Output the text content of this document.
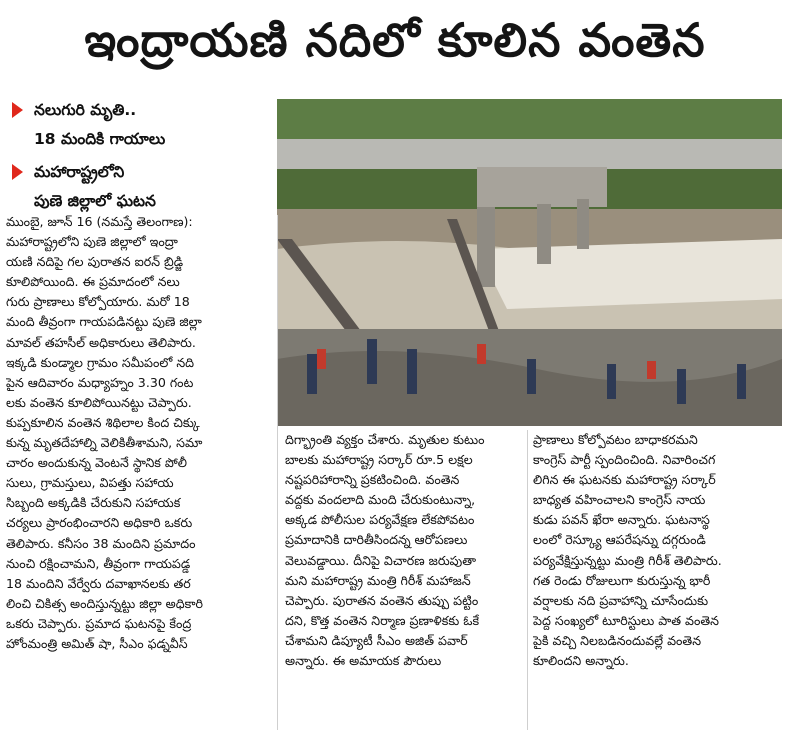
ఇంద్రాయణి నదిలో కూలిన వంతెన
నలుగురి మృతి..
18 మందికి గాయాలు
మహారాష్ట్రలోని
పుణె జిల్లాలో ఘటన
ముంబై, జూన్ 16 (నమస్తే తెలంగాణ):
మహారాష్ట్రలోని పుణె జిల్లాలో ఇంద్రా
యణి నదిపై గల పురాతన ఐరన్ బ్రిడ్జి
కూలిపోయింది. ఈ ప్రమాదంలో నలు
గురు ప్రాణాలు కోల్పోయారు. మరో 18
మంది తీవ్రంగా గాయపడినట్టు పుణె జిల్లా
మావల్ తహసీల్ అధికారులు తెలిపారు.
ఇక్కడి కుండ్మాల గ్రామం సమీపంలో నది
పైన ఆదివారం మధ్యాహ్నం 3.30 గంట
లకు వంతెన కూలిపోయినట్టు చెప్పారు.
కుప్పకూలిన వంతెన శిథిలాల కింద చిక్కు
కున్న మృతదేహాల్ని వెలికితీశామని, సమా
చారం అందుకున్న వెంటనే స్థానిక పోలీ
సులు, గ్రామస్తులు, విపత్తు సహాయ
సిబ్బంది అక్కడికి చేరుకుని సహాయక
చర్యలు ప్రారంభించారని అధికారి ఒకరు
తెలిపారు. కనీసం 38 మందిని ప్రమాదం
నుంచి రక్షించామని, తీవ్రంగా గాయపడ్డ
18 మందిని వేర్వేరు దవాఖానలకు తర
లించి చికిత్స అందిస్తున్నట్టు జిల్లా అధికారి
ఒకరు చెప్పారు. ప్రమాద ఘటనపై కేంద్ర
హోంమంత్రి అమిత్ షా, సీఎం ఫడ్నవీస్
దిగ్భ్రాంతి వ్యక్తం చేశారు. మృతుల కుటుం
బాలకు మహారాష్ట్ర సర్కార్ రూ.5 లక్షల
నష్టపరిహారాన్ని ప్రకటించింది. వంతెన
వద్దకు వందలాది మంది చేరుకుంటున్నా,
అక్కడ పోలీసుల పర్యవేక్షణ లేకపోవటం
ప్రమాదానికి దారితీసిందన్న ఆరోపణలు
వెలువడ్డాయి. దీనిపై విచారణ జరుపుతా
మని మహారాష్ట్ర మంత్రి గిరీశ్ మహాజన్
చెప్పారు. పురాతన వంతెన తుప్పు పట్టిం
దని, కొత్త వంతెన నిర్మాణ ప్రణాళికకు ఓకే
చేశామని డిప్యూటీ సీఎం అజిత్ పవార్
అన్నారు. ఈ అమాయక పౌరులు
ప్రాణాలు కోల్పోవటం బాధాకరమని
కాంగ్రెస్ పార్టీ స్పందించింది. నివారించగ
లిగిన ఈ ఘటనకు మహారాష్ట్ర సర్కార్
బాధ్యత వహించాలని కాంగ్రెస్ నాయ
కుడు పవన్ ఖేరా అన్నారు. ఘటనాస్థ
లంలో రెస్క్యూ ఆపరేషన్ను దగ్గరుండి
పర్యవేక్షిస్తున్నట్టు మంత్రి గిరీశ్ తెలిపారు.
గత రెండు రోజులుగా కురుస్తున్న భారీ
వర్షాలకు నది ప్రవాహాన్ని చూసేందుకు
పెద్ద సంఖ్యలో టూరిస్టులు పాత వంతెన
పైకి వచ్చి నిలబడినందువల్లే వంతెన
కూలిందని అన్నారు.
